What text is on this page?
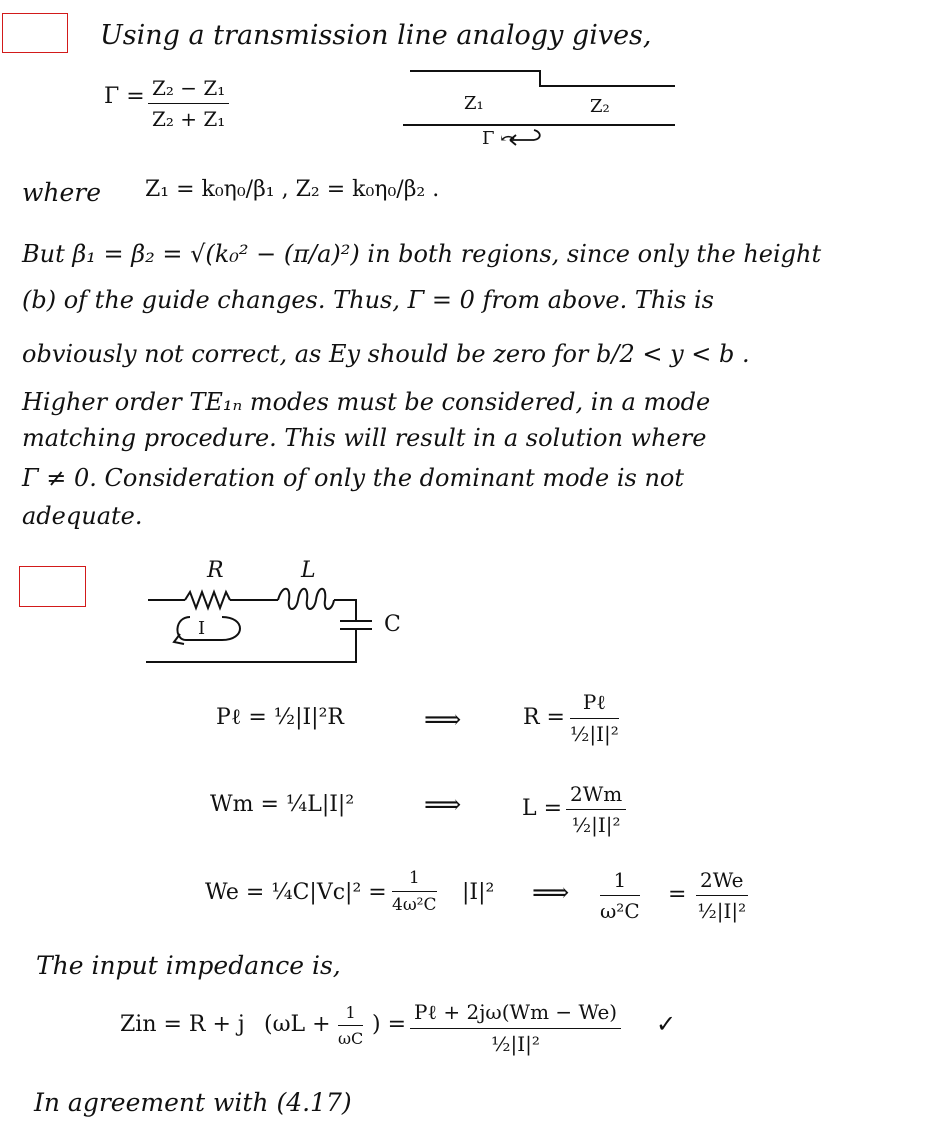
Using a transmission line analogy gives,
$\Gamma = \frac{\text{Z₂ − Z₁}}{\text{Z₂ + Z₁}}$	Z₁	Z₂
Γ ⤺
where Z₁ = k₀η₀/β₁ , Z₂ = k₀η₀/β₂ .
But β₁ = β₂ = √(k₀² − (π/a)²) in both regions, since only the height
(b) of the guide changes. Thus, Γ = 0 from above. This is
obviously not correct, as Ey should be zero for b/2 < y < b .
Higher order TE₁ₙ modes must be considered, in a mode
matching procedure. This will result in a solution where
Γ ≠ 0. Consideration of only the dominant mode is not
adequate.
R	L
C
I
Pℓ = ½|I|²R	⟹	R =
Pℓ
½|I|²
Wm = ¼L|I|²	⟹	$L = \frac{2Wm}{\text{½|I|²}}$
We = ¼C|Vc|² = $\frac{1}{\text{4ω²C}} |I|^2$ ⟹ $\frac{1}{\text{ω²C}} = \frac{2We}{\text{½|I|²}}$
The input impedance is,
Zin = R + j ($\omega L + \frac{1}{\omega C}$ ) = Pℓ + 2jω(Wm − We)
½|I|²
✓
In agreement with (4.17)
